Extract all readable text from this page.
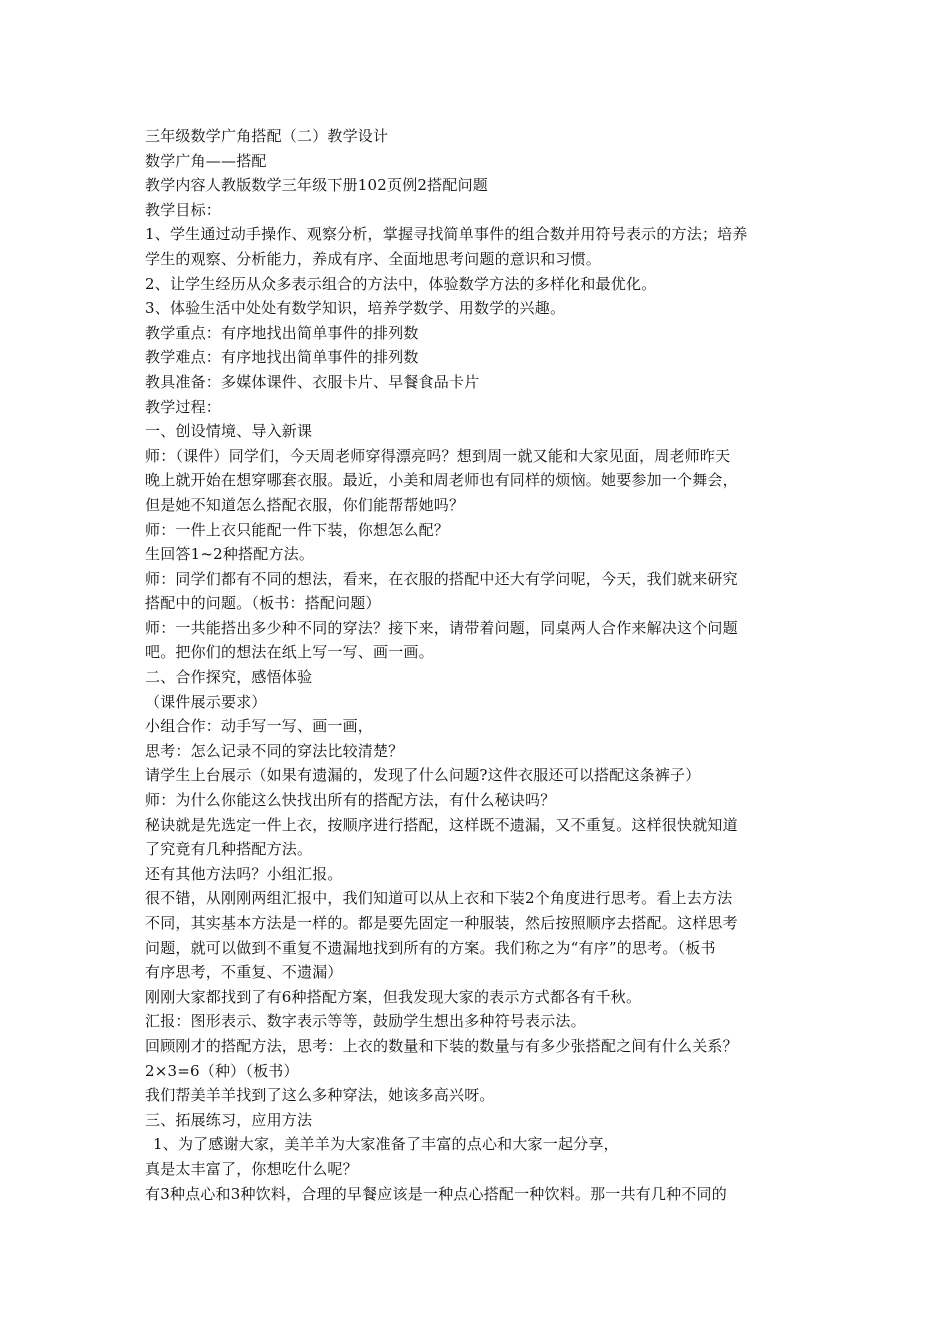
三年级数学广角搭配（二）教学设计
数学广角——搭配
教学内容人教版数学三年级下册102页例2搭配问题
教学目标：
1、学生通过动手操作、观察分析，掌握寻找简单事件的组合数并用符号表示的方法；培养
学生的观察、分析能力，养成有序、全面地思考问题的意识和习惯。
2、让学生经历从众多表示组合的方法中，体验数学方法的多样化和最优化。
3、体验生活中处处有数学知识，培养学数学、用数学的兴趣。
教学重点：有序地找出简单事件的排列数
教学难点：有序地找出简单事件的排列数
教具准备：多媒体课件、衣服卡片、早餐食品卡片
教学过程：
一、创设情境、导入新课
师：（课件）同学们，今天周老师穿得漂亮吗？想到周一就又能和大家见面，周老师昨天
晚上就开始在想穿哪套衣服。最近，小美和周老师也有同样的烦恼。她要参加一个舞会，
但是她不知道怎么搭配衣服，你们能帮帮她吗？
师：一件上衣只能配一件下装，你想怎么配？
生回答1~2种搭配方法。
师：同学们都有不同的想法，看来，在衣服的搭配中还大有学问呢，今天，我们就来研究
搭配中的问题。（板书：搭配问题）
师：一共能搭出多少种不同的穿法？接下来，请带着问题，同桌两人合作来解决这个问题
吧。把你们的想法在纸上写一写、画一画。
二、合作探究，感悟体验
（课件展示要求）
小组合作：动手写一写、画一画，
思考：怎么记录不同的穿法比较清楚？
请学生上台展示（如果有遗漏的，发现了什么问题?这件衣服还可以搭配这条裤子）
师：为什么你能这么快找出所有的搭配方法，有什么秘诀吗？
秘诀就是先选定一件上衣，按顺序进行搭配，这样既不遗漏，又不重复。这样很快就知道
了究竟有几种搭配方法。
还有其他方法吗？小组汇报。
很不错，从刚刚两组汇报中，我们知道可以从上衣和下装2个角度进行思考。看上去方法
不同，其实基本方法是一样的。都是要先固定一种服装，然后按照顺序去搭配。这样思考
问题，就可以做到不重复不遗漏地找到所有的方案。我们称之为“有序”的思考。（板书
有序思考，不重复、不遗漏）
刚刚大家都找到了有6种搭配方案，但我发现大家的表示方式都各有千秋。
汇报：图形表示、数字表示等等，鼓励学生想出多种符号表示法。
回顾刚才的搭配方法，思考：上衣的数量和下装的数量与有多少张搭配之间有什么关系？
2×3=6（种）（板书）
我们帮美羊羊找到了这么多种穿法，她该多高兴呀。
三、拓展练习，应用方法
1、为了感谢大家，美羊羊为大家准备了丰富的点心和大家一起分享，
真是太丰富了，你想吃什么呢？
有3种点心和3种饮料，合理的早餐应该是一种点心搭配一种饮料。那一共有几种不同的
